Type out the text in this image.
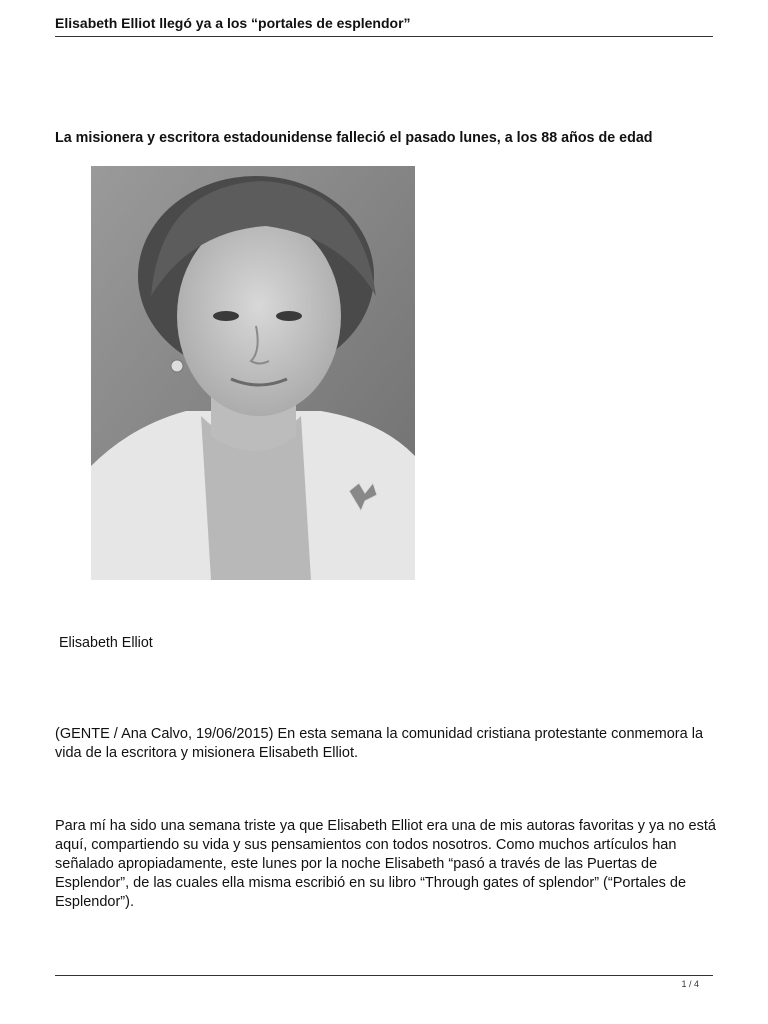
Elisabeth Elliot llegó ya a los “portales de esplendor”
La misionera y escritora estadounidense falleció el pasado lunes, a los 88 años de edad
Elisabeth Elliot

(GENTE / Ana Calvo, 19/06/2015) En esta semana la comunidad cristiana protestante conmemora la vida de la escritora y misionera Elisabeth Elliot.

Para mí ha sido una semana triste ya que Elisabeth Elliot era una de mis autoras favoritas y ya no está aquí, compartiendo su vida y sus pensamientos con todos nosotros. Como muchos artículos han señalado apropiadamente, este lunes por la noche Elisabeth “pasó a través de las Puertas de Esplendor”, de las cuales ella misma escribió en su libro “Through gates of splendor” (“Portales de Esplendor”).

1 / 4
